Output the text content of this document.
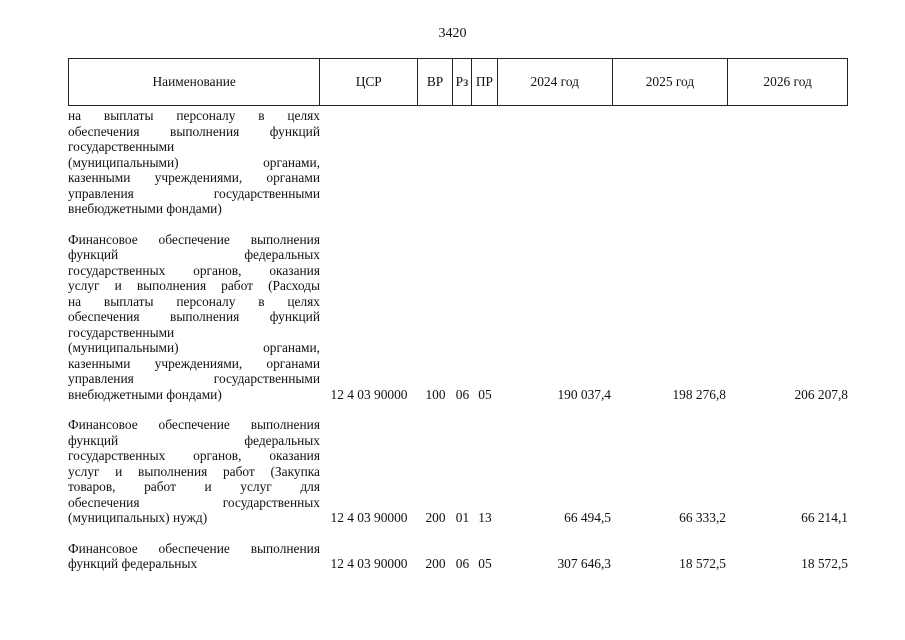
3420
Наименование	ЦСР	ВР Рз ПР	2024 год	2025 год	2026 год
на выплаты персоналу в целях
обеспечения выполнения функций
государственными
(муниципальными) органами,
казенными учреждениями, органами
управления государственными
внебюджетными фондами)

Финансовое обеспечение выполнения
функций федеральных
государственных органов, оказания
услуг и выполнения работ (Расходы
на выплаты персоналу в целях
обеспечения выполнения функций
государственными
(муниципальными) органами,
казенными учреждениями, органами
управления государственными
внебюджетными фондами)	12 4 03 90000	100 06 05	190 037,4	198 276,8	206 207,8
Финансовое обеспечение выполнения
функций федеральных
государственных органов, оказания
услуг и выполнения работ (Закупка
товаров, работ и услуг для
обеспечения государственных
(муниципальных) нужд)	12 4 03 90000	200 01 13	66 494,5	66 333,2	66 214,1
Финансовое обеспечение выполнения
функций федеральных	12 4 03 90000	200 06 05	307 646,3	18 572,5	18 572,5
